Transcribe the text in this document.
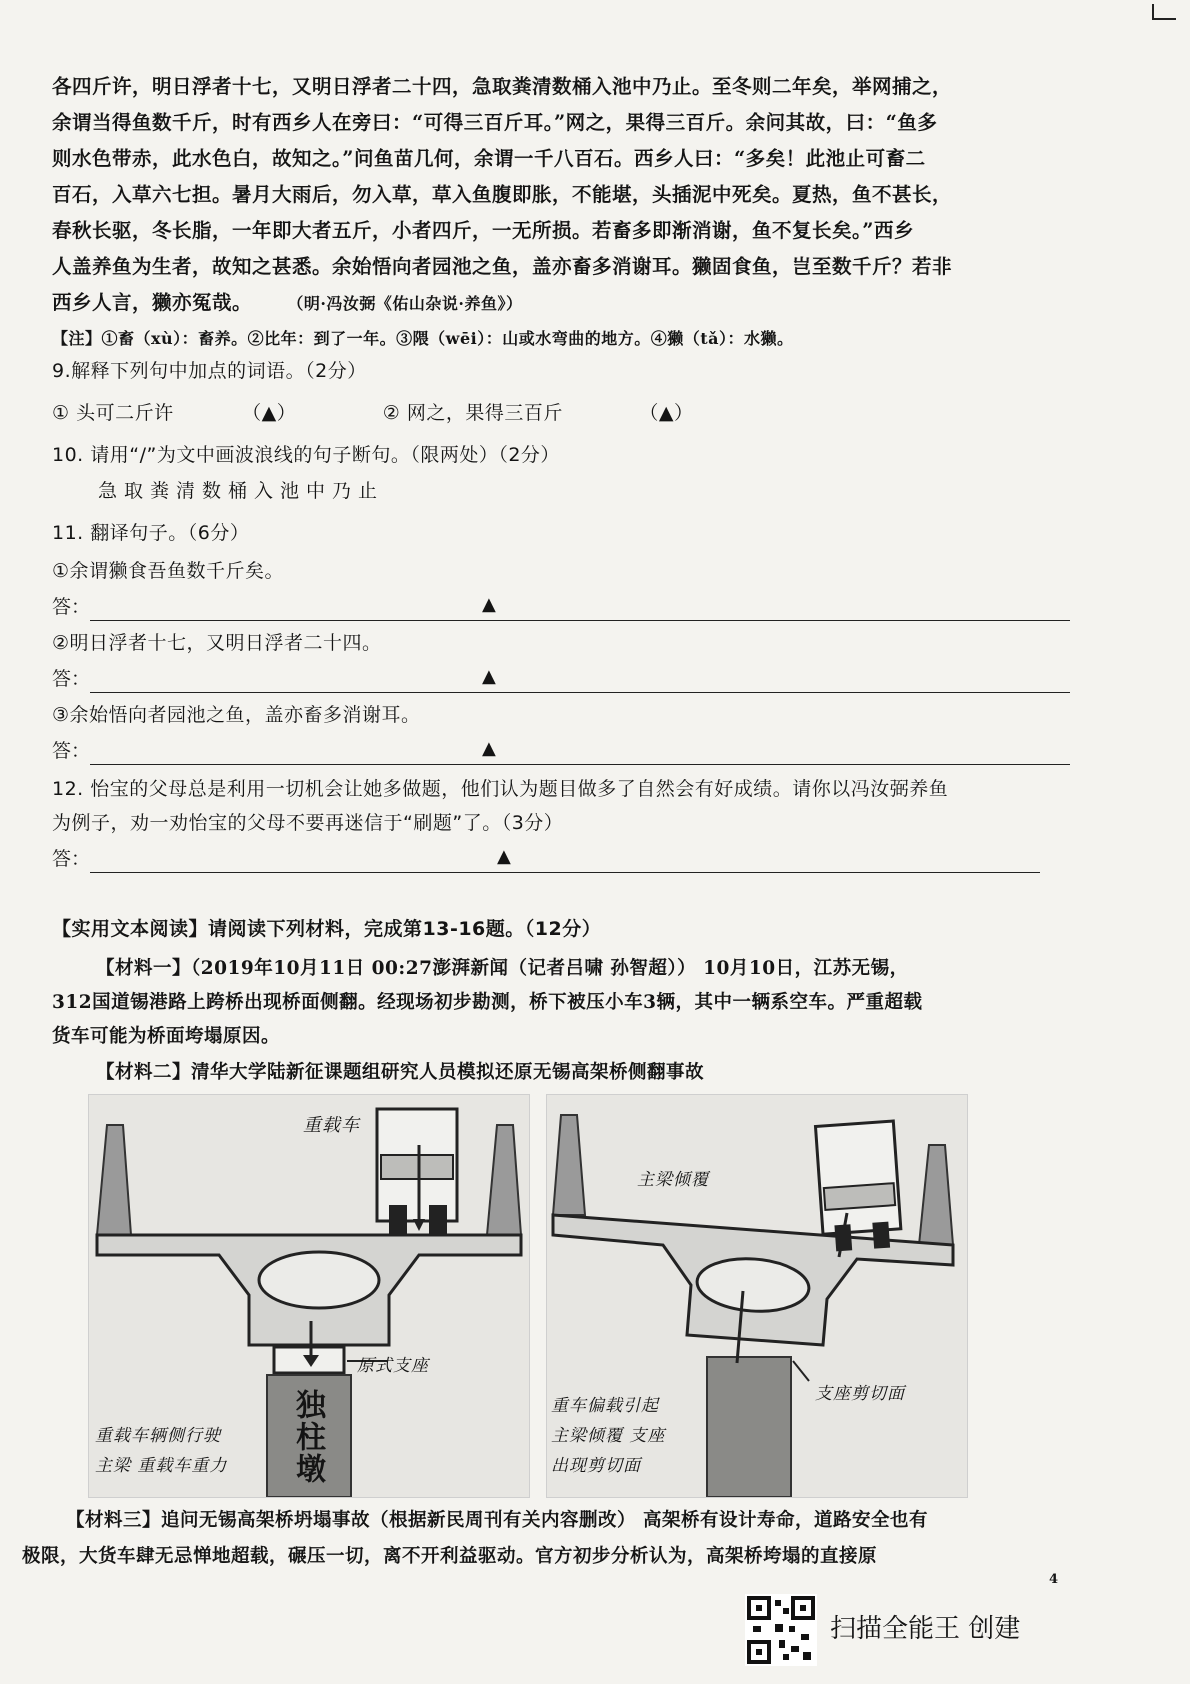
各四斤许，明日浮者十七，又明日浮者二十四，急取粪清数桶入池中乃止。至冬则二年矣，举网捕之，
余谓当得鱼数千斤，时有西乡人在旁曰：“可得三百斤耳。”网之，果得三百斤。余问其故，曰：“鱼多
则水色带赤，此水色白，故知之。”问鱼苗几何，余谓一千八百石。西乡人曰：“多矣！此池止可畜二
百石，入草六七担。暑月大雨后，勿入草，草入鱼腹即胀，不能堪，头插泥中死矣。夏热，鱼不甚长，
春秋长驱，冬长脂，一年即大者五斤，小者四斤，一无所损。若畜多即渐消谢，鱼不复长矣。”西乡
人盖养鱼为生者，故知之甚悉。余始悟向者园池之鱼，盖亦畜多消谢耳。獭固食鱼，岂至数千斤？若非
西乡人言，獭亦冤哉。 （明·冯汝弼《佑山杂说·养鱼》）
【注】①畜（xù）：畜养。②比年：到了一年。③隈（wēi）：山或水弯曲的地方。④獭（tǎ）：水獭。
9.解释下列句中加点的词语。（2分）
① 头可二斤许	（▲）	② 网之，果得三百斤	（▲）
10. 请用“/”为文中画波浪线的句子断句。（限两处）（2分）
急取粪清数桶入池中乃止
11. 翻译句子。（6分）
①余谓獭食吾鱼数千斤矣。
答：	▲
②明日浮者十七，又明日浮者二十四。
答：	▲
③余始悟向者园池之鱼，盖亦畜多消谢耳。
答：	▲
12. 怡宝的父母总是利用一切机会让她多做题，他们认为题目做多了自然会有好成绩。请你以冯汝弼养鱼
为例子，劝一劝怡宝的父母不要再迷信于“刷题”了。（3分）
答：	▲
【实用文本阅读】请阅读下列材料，完成第13-16题。（12分）
【材料一】（2019年10月11日 00:27澎湃新闻（记者吕啸 孙智超）） 10月10日，江苏无锡，
312国道锡港路上跨桥出现桥面侧翻。经现场初步勘测，桥下被压小车3辆，其中一辆系空车。严重超载
货车可能为桥面垮塌原因。
【材料二】清华大学陆新征课题组研究人员模拟还原无锡高架桥侧翻事故
重载车
原式支座
独柱墩
重载车辆侧行驶
主梁 重载车重力
主梁倾覆
支座剪切面
重车偏载引起
主梁倾覆 支座
出现剪切面
【材料三】追问无锡高架桥坍塌事故（根据新民周刊有关内容删改） 高架桥有设计寿命，道路安全也有
极限，大货车肆无忌惮地超载，碾压一切，离不开利益驱动。官方初步分析认为，高架桥垮塌的直接原
4
扫描全能王 创建
